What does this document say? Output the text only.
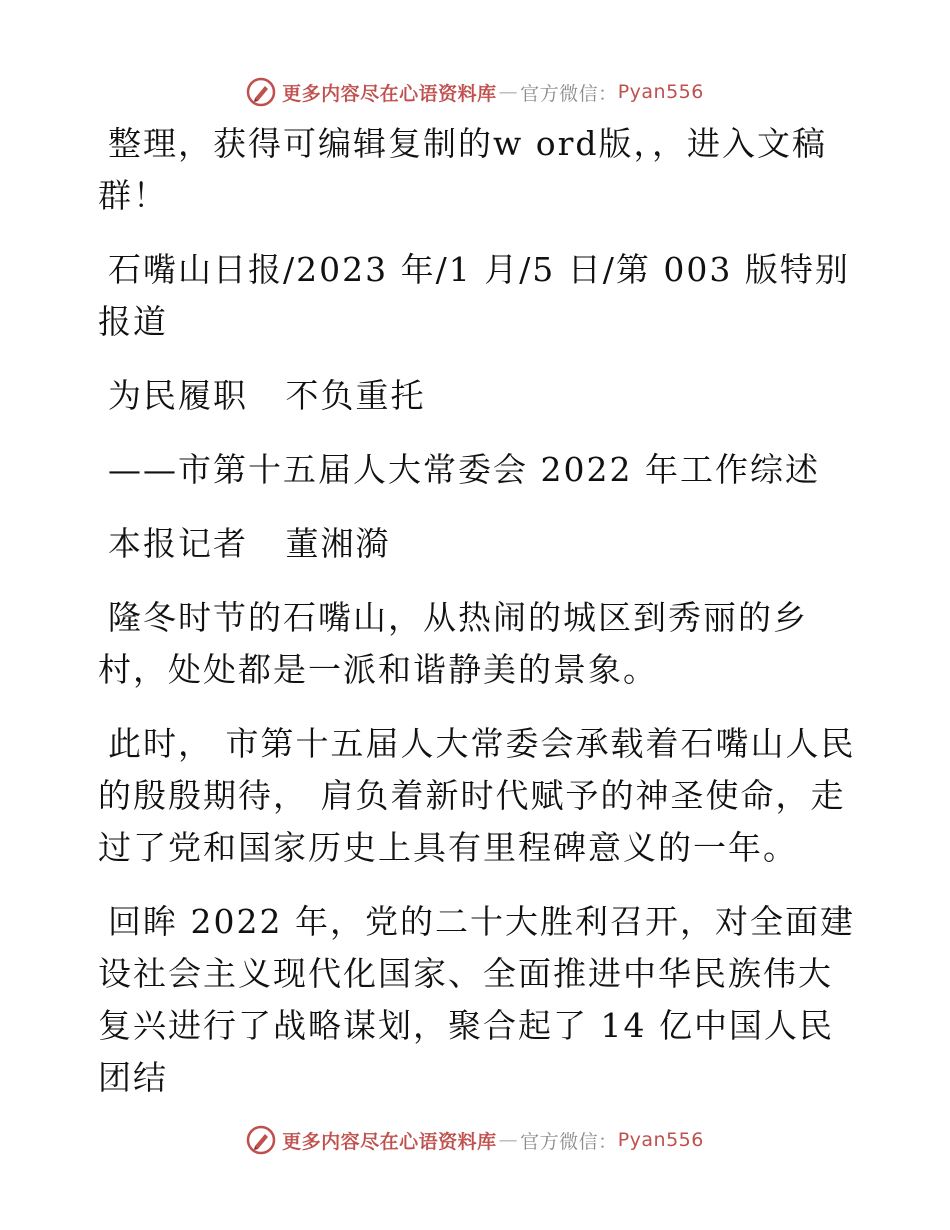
更多内容尽在心语资料库 — 官方微信： Pyan556

整理，获得可编辑复制的w ord版，，进入文稿群！

石嘴山日报/2023 年/1 月/5 日/第 003 版特别报道

为民履职   不负重托

——市第十五届人大常委会 2022 年工作综述

本报记者   董湘漪

隆冬时节的石嘴山，从热闹的城区到秀丽的乡村，处处都是一派和谐静美的景象。

此时， 市第十五届人大常委会承载着石嘴山人民的殷殷期待， 肩负着新时代赋予的神圣使命，走过了党和国家历史上具有里程碑意义的一年。

回眸 2022 年，党的二十大胜利召开，对全面建设社会主义现代化国家、全面推进中华民族伟大复兴进行了战略谋划，聚合起了 14 亿中国人民团结

更多内容尽在心语资料库 — 官方微信： Pyan556
